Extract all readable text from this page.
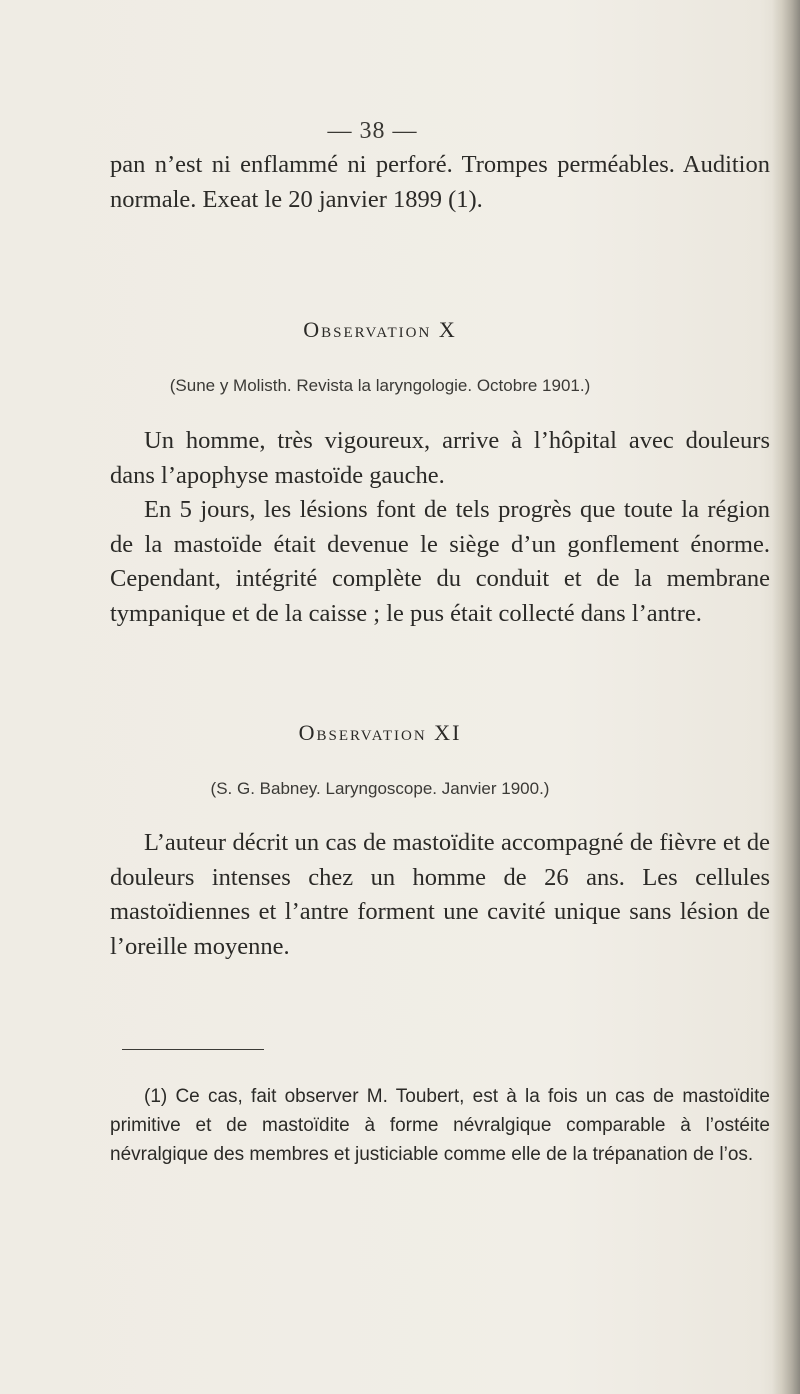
— 38 —

pan n’est ni enflammé ni perforé. Trompes perméables. Audition normale. Exeat le 20 janvier 1899 (1).

Observation X
(Sune y Molisth. Revista la laryngologie. Octobre 1901.)

Un homme, très vigoureux, arrive à l’hôpital avec douleurs dans l’apophyse mastoïde gauche.

En 5 jours, les lésions font de tels progrès que toute la région de la mastoïde était devenue le siège d’un gonflement énorme. Cependant, intégrité complète du conduit et de la membrane tympanique et de la caisse ; le pus était collecté dans l’antre.

Observation XI
(S. G. Babney. Laryngoscope. Janvier 1900.)

L’auteur décrit un cas de mastoïdite accompagné de fièvre et de douleurs intenses chez un homme de 26 ans. Les cellules mastoïdiennes et l’antre forment une cavité unique sans lésion de l’oreille moyenne.

(1) Ce cas, fait observer M. Toubert, est à la fois un cas de mastoïdite primitive et de mastoïdite à forme névralgique comparable à l’ostéite névralgique des membres et justiciable comme elle de la trépanation de l’os.
